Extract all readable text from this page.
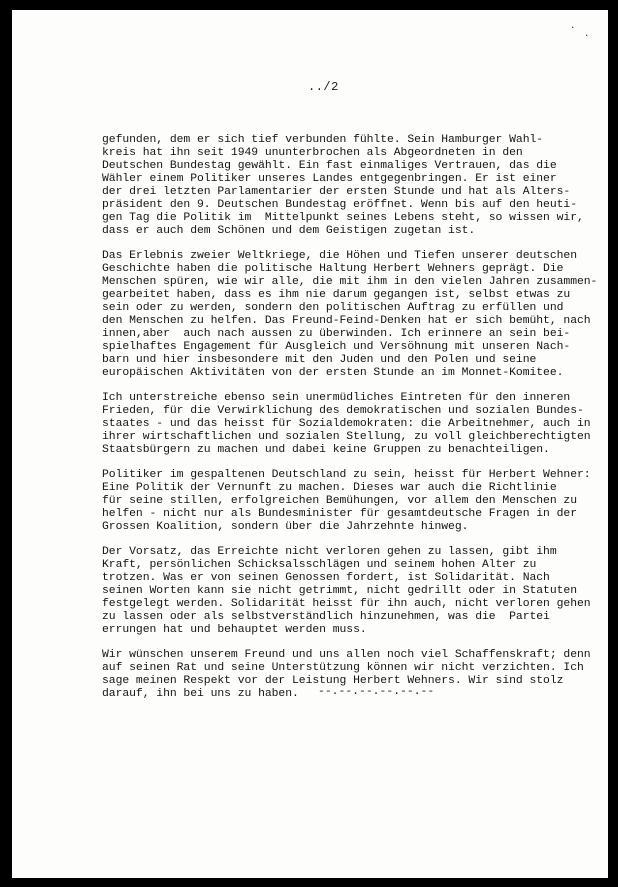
·
·
../2
gefunden, dem er sich tief verbunden fühlte. Sein Hamburger Wahl-
kreis hat ihn seit 1949 ununterbrochen als Abgeordneten in den
Deutschen Bundestag gewählt. Ein fast einmaliges Vertrauen, das die
Wähler einem Politiker unseres Landes entgegenbringen. Er ist einer
der drei letzten Parlamentarier der ersten Stunde und hat als Alters-
präsident den 9. Deutschen Bundestag eröffnet. Wenn bis auf den heuti-
gen Tag die Politik im  Mittelpunkt seines Lebens steht, so wissen wir,
dass er auch dem Schönen und dem Geistigen zugetan ist.
Das Erlebnis zweier Weltkriege, die Höhen und Tiefen unserer deutschen
Geschichte haben die politische Haltung Herbert Wehners geprägt. Die
Menschen spüren, wie wir alle, die mit ihm in den vielen Jahren zusammen-
gearbeitet haben, dass es ihm nie darum gegangen ist, selbst etwas zu
sein oder zu werden, sondern den politischen Auftrag zu erfüllen und
den Menschen zu helfen. Das Freund-Feind-Denken hat er sich bemüht, nach
innen,aber  auch nach aussen zu überwinden. Ich erinnere an sein bei-
spielhaftes Engagement für Ausgleich und Versöhnung mit unseren Nach-
barn und hier insbesondere mit den Juden und den Polen und seine
europäischen Aktivitäten von der ersten Stunde an im Monnet-Komitee.
Ich unterstreiche ebenso sein unermüdliches Eintreten für den inneren
Frieden, für die Verwirklichung des demokratischen und sozialen Bundes-
staates - und das heisst für Sozialdemokraten: die Arbeitnehmer, auch in
ihrer wirtschaftlichen und sozialen Stellung, zu voll gleichberechtigten
Staatsbürgern zu machen und dabei keine Gruppen zu benachteiligen.
Politiker im gespaltenen Deutschland zu sein, heisst für Herbert Wehner:
Eine Politik der Vernunft zu machen. Dieses war auch die Richtlinie
für seine stillen, erfolgreichen Bemühungen, vor allem den Menschen zu
helfen - nicht nur als Bundesminister für gesamtdeutsche Fragen in der
Grossen Koalition, sondern über die Jahrzehnte hinweg.
Der Vorsatz, das Erreichte nicht verloren gehen zu lassen, gibt ihm
Kraft, persönlichen Schicksalsschlägen und seinem hohen Alter zu
trotzen. Was er von seinen Genossen fordert, ist Solidarität. Nach
seinen Worten kann sie nicht getrimmt, nicht gedrillt oder in Statuten
festgelegt werden. Solidarität heisst für ihn auch, nicht verloren gehen
zu lassen oder als selbstverständlich hinzunehmen, was die  Partei
errungen hat und behauptet werden muss.
Wir wünschen unserem Freund und uns allen noch viel Schaffenskraft; denn
auf seinen Rat und seine Unterstützung können wir nicht verzichten. Ich
sage meinen Respekt vor der Leistung Herbert Wehners. Wir sind stolz
darauf, ihn bei uns zu haben.	--.--.--.--.--.--
